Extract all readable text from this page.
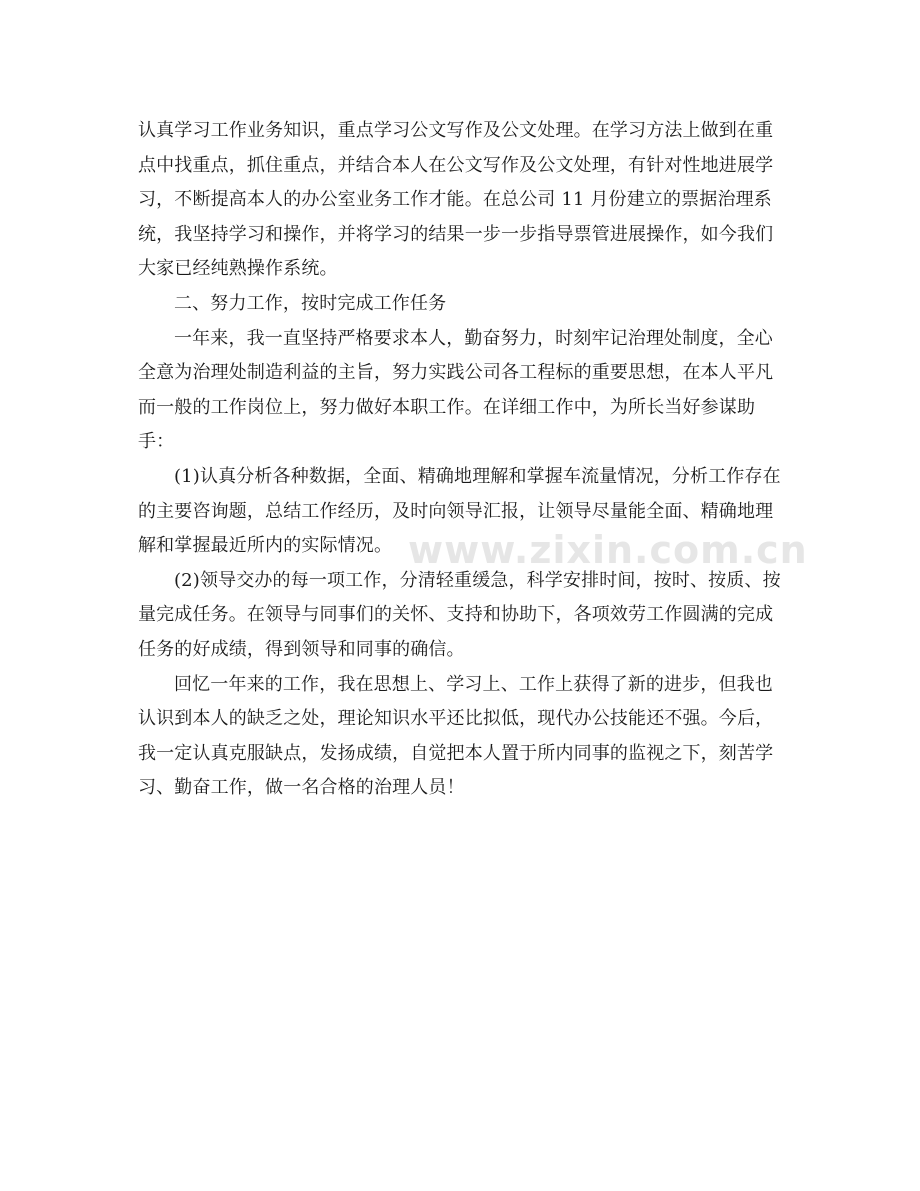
认真学习工作业务知识，重点学习公文写作及公文处理。在学习方法上做到在重
点中找重点，抓住重点，并结合本人在公文写作及公文处理，有针对性地进展学
习，不断提高本人的办公室业务工作才能。在总公司 11 月份建立的票据治理系
统，我坚持学习和操作，并将学习的结果一步一步指导票管进展操作，如今我们
大家已经纯熟操作系统。
二、努力工作，按时完成工作任务
一年来，我一直坚持严格要求本人，勤奋努力，时刻牢记治理处制度，全心
全意为治理处制造利益的主旨，努力实践公司各工程标的重要思想，在本人平凡
而一般的工作岗位上，努力做好本职工作。在详细工作中，为所长当好参谋助
手：
(1)认真分析各种数据，全面、精确地理解和掌握车流量情况，分析工作存在
的主要咨询题，总结工作经历，及时向领导汇报，让领导尽量能全面、精确地理
解和掌握最近所内的实际情况。
(2)领导交办的每一项工作，分清轻重缓急，科学安排时间，按时、按质、按
量完成任务。在领导与同事们的关怀、支持和协助下，各项效劳工作圆满的完成
任务的好成绩，得到领导和同事的确信。
回忆一年来的工作，我在思想上、学习上、工作上获得了新的进步，但我也
认识到本人的缺乏之处，理论知识水平还比拟低，现代办公技能还不强。今后，
我一定认真克服缺点，发扬成绩，自觉把本人置于所内同事的监视之下，刻苦学
习、勤奋工作，做一名合格的治理人员！
www.zixin.com.cn
